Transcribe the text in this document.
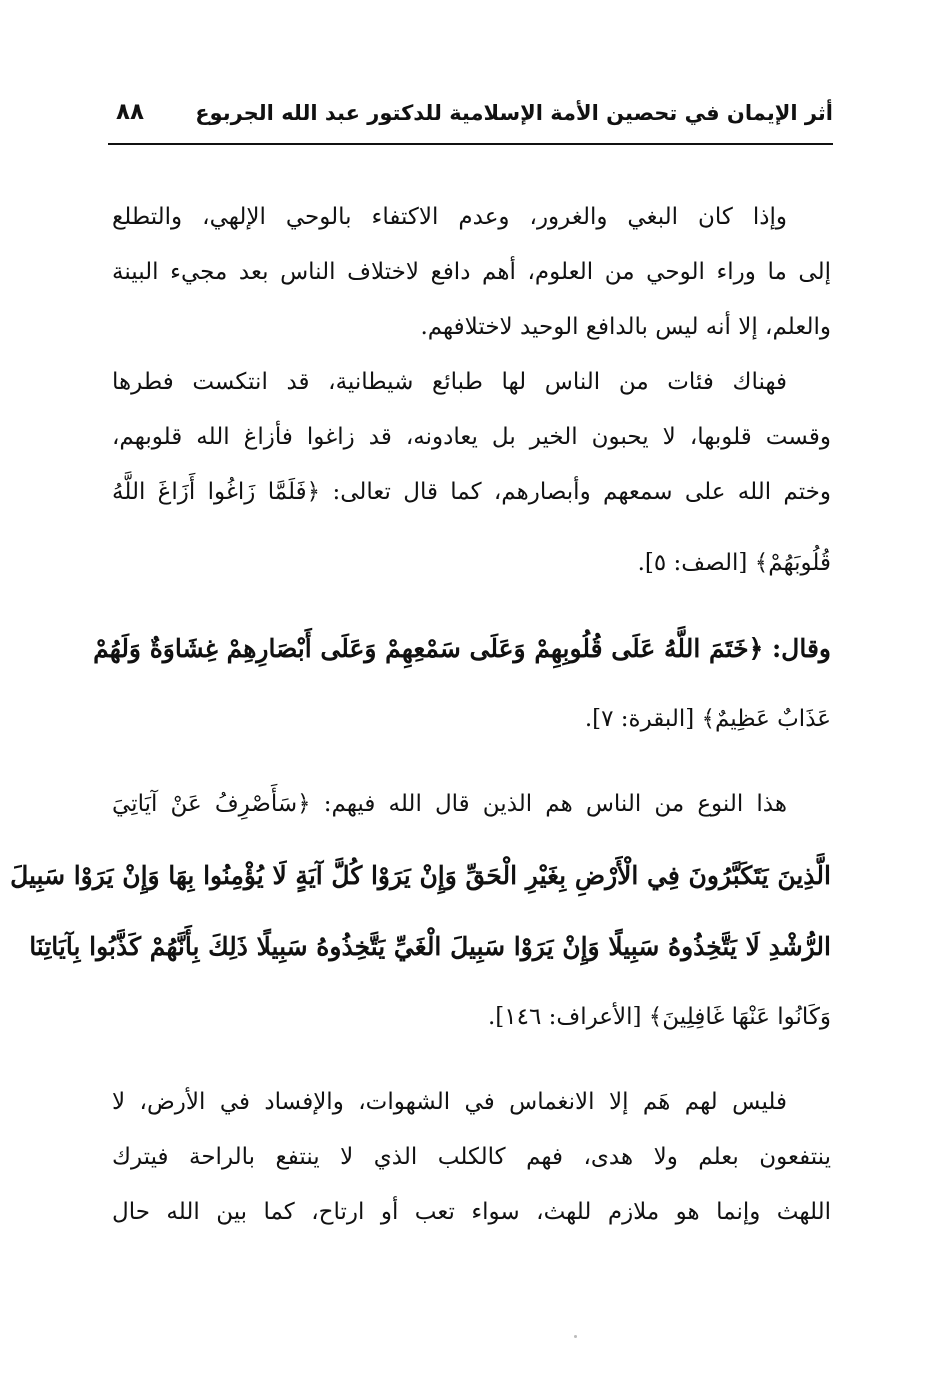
أثر الإيمان في تحصين الأمة الإسلامية للدكتور عبد الله الجربوع
٨٨
وإذا كان البغي والغرور، وعدم الاكتفاء بالوحي الإلهي، والتطلع
إلى ما وراء الوحي من العلوم، أهم دافع لاختلاف الناس بعد مجيء البينة
والعلم، إلا أنه ليس بالدافع الوحيد لاختلافهم.
فهناك فئات من الناس لها طبائع شيطانية، قد انتكست فطرها
وقست قلوبها، لا يحبون الخير بل يعادونه، قد زاغوا فأزاغ الله قلوبهم،
وختم الله على سمعهم وأبصارهم، كما قال تعالى: ﴿فَلَمَّا زَاغُوا أَزَاغَ اللَّهُ
قُلُوبَهُمْ﴾ [الصف: ٥].
وقال: ﴿خَتَمَ اللَّهُ عَلَى قُلُوبِهِمْ وَعَلَى سَمْعِهِمْ وَعَلَى أَبْصَارِهِمْ غِشَاوَةٌ وَلَهُمْ
عَذَابٌ عَظِيمٌ﴾ [البقرة: ٧].
هذا النوع من الناس هم الذين قال الله فيهم: ﴿سَأَصْرِفُ عَنْ آيَاتِيَ
الَّذِينَ يَتَكَبَّرُونَ فِي الْأَرْضِ بِغَيْرِ الْحَقِّ وَإِنْ يَرَوْا كُلَّ آيَةٍ لَا يُؤْمِنُوا بِهَا وَإِنْ يَرَوْا سَبِيلَ
الرُّشْدِ لَا يَتَّخِذُوهُ سَبِيلًا وَإِنْ يَرَوْا سَبِيلَ الْغَيِّ يَتَّخِذُوهُ سَبِيلًا ذَلِكَ بِأَنَّهُمْ كَذَّبُوا بِآيَاتِنَا
وَكَانُوا عَنْهَا غَافِلِينَ﴾ [الأعراف: ١٤٦].
فليس لهم هَم إلا الانغماس في الشهوات، والإفساد في الأرض، لا
ينتفعون بعلم ولا هدى، فهم كالكلب الذي لا ينتفع بالراحة فيترك
اللهث وإنما هو ملازم للهث، سواء تعب أو ارتاح، كما بين الله حال
